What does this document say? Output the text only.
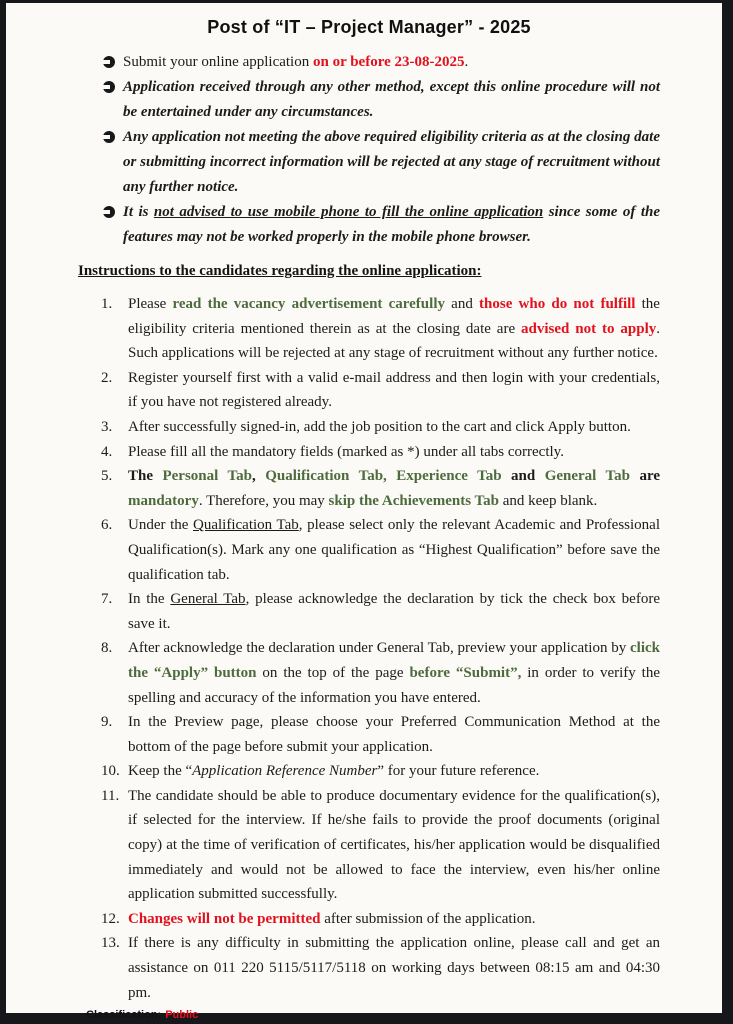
Post of “IT – Project Manager” - 2025
Submit your online application on or before 23-08-2025.
Application received through any other method, except this online procedure will not be entertained under any circumstances.
Any application not meeting the above required eligibility criteria as at the closing date or submitting incorrect information will be rejected at any stage of recruitment without any further notice.
It is not advised to use mobile phone to fill the online application since some of the features may not be worked properly in the mobile phone browser.
Instructions to the candidates regarding the online application:
1. Please read the vacancy advertisement carefully and those who do not fulfill the eligibility criteria mentioned therein as at the closing date are advised not to apply. Such applications will be rejected at any stage of recruitment without any further notice.
2. Register yourself first with a valid e-mail address and then login with your credentials, if you have not registered already.
3. After successfully signed-in, add the job position to the cart and click Apply button.
4. Please fill all the mandatory fields (marked as *) under all tabs correctly.
5. The Personal Tab, Qualification Tab, Experience Tab and General Tab are mandatory. Therefore, you may skip the Achievements Tab and keep blank.
6. Under the Qualification Tab, please select only the relevant Academic and Professional Qualification(s). Mark any one qualification as “Highest Qualification” before save the qualification tab.
7. In the General Tab, please acknowledge the declaration by tick the check box before save it.
8. After acknowledge the declaration under General Tab, preview your application by click the “Apply” button on the top of the page before “Submit”, in order to verify the spelling and accuracy of the information you have entered.
9. In the Preview page, please choose your Preferred Communication Method at the bottom of the page before submit your application.
10. Keep the “Application Reference Number” for your future reference.
11. The candidate should be able to produce documentary evidence for the qualification(s), if selected for the interview. If he/she fails to provide the proof documents (original copy) at the time of verification of certificates, his/her application would be disqualified immediately and would not be allowed to face the interview, even his/her online application submitted successfully.
12. Changes will not be permitted after submission of the application.
13. If there is any difficulty in submitting the application online, please call and get an assistance on 011 220 5115/5117/5118 on working days between 08:15 am and 04:30 pm.
Classification: Public
